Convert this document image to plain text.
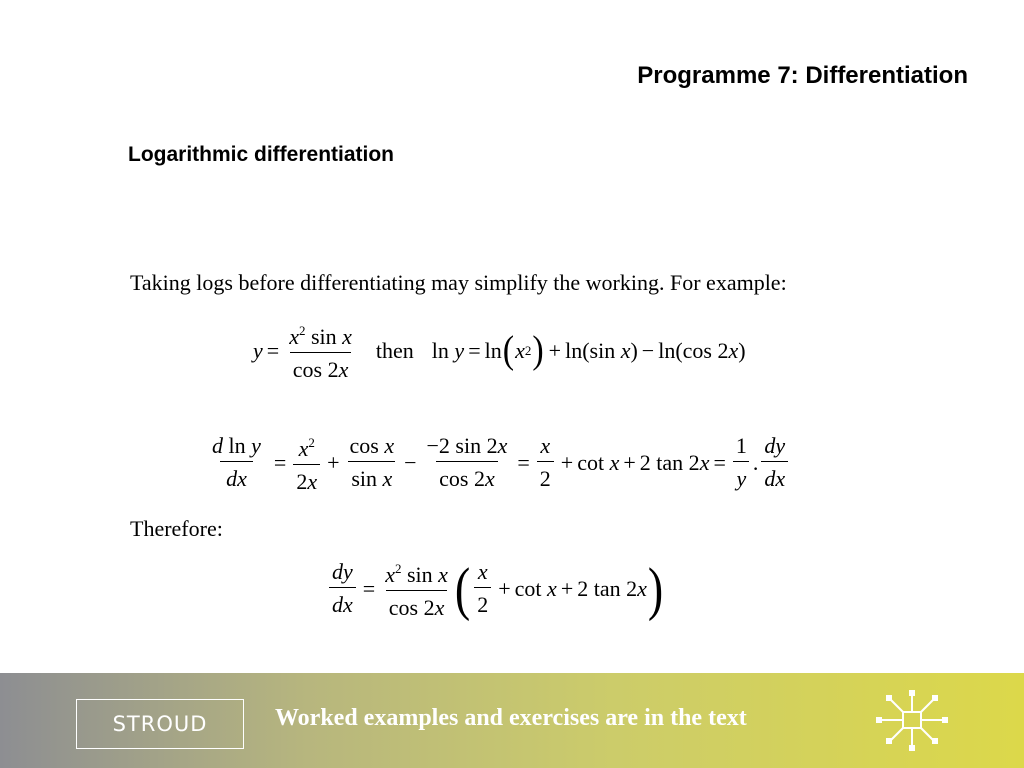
Programme 7: Differentiation
Logarithmic differentiation
Taking logs before differentiating may simplify the working. For example:
$y = \frac{x^2 \sin x}{\cos 2x}$ then
ln y = ln ( x 2 ) + ln(sin x ) − ln(cos 2 x )
$\frac{\text{d ln y}}{dx} = \frac{x^2}{2x} + \frac{\text{cos x}}{\text{sin x}} - \frac{-2 \sin 2x}{\cos 2x} = \frac{x}{2} + \cot x + 2$ tan 2 $x = \frac{1}{y}$ . $\frac{dy}{dx}$
Therefore:
$\frac{dy}{dx} = \frac{x^2 \sin x}{\cos 2x}$ ( $\frac{x}{2} + \cot x + 2$ tan 2 x )
STROUD	Worked examples and exercises are in the text
